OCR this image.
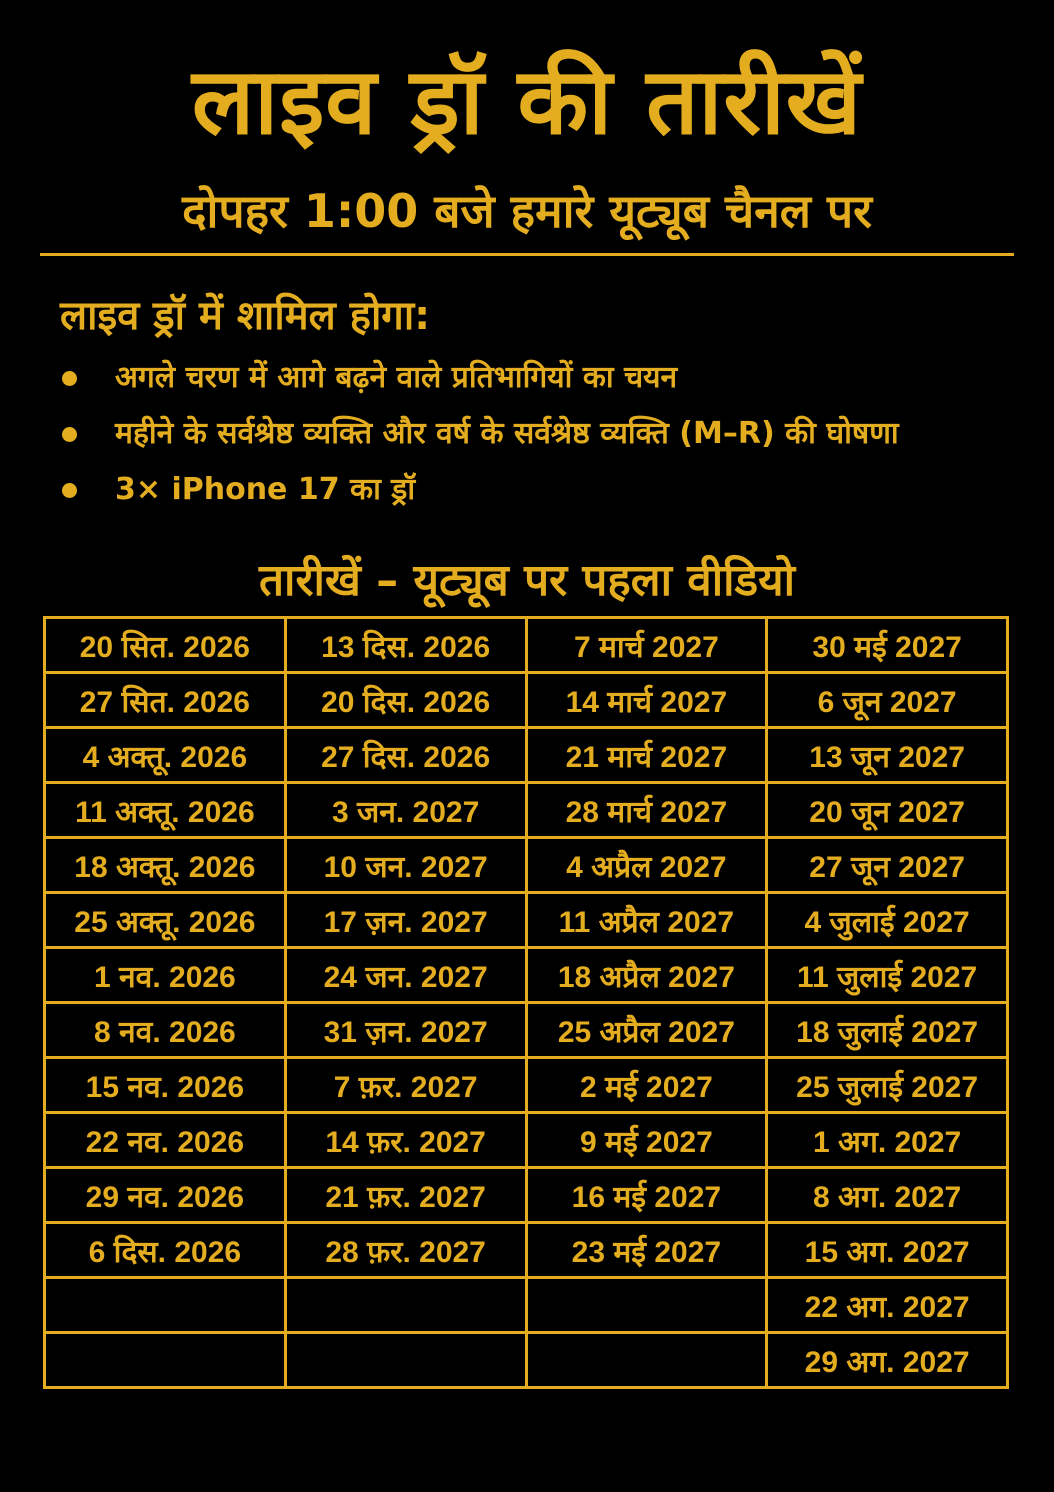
लाइव ड्रॉ की तारीखें
दोपहर 1:00 बजे हमारे यूट्यूब चैनल पर
लाइव ड्रॉ में शामिल होगा:
अगले चरण में आगे बढ़ने वाले प्रतिभागियों का चयन
महीने के सर्वश्रेष्ठ व्यक्ति और वर्ष के सर्वश्रेष्ठ व्यक्ति (M–R) की घोषणा
3× iPhone 17 का ड्रॉ
तारीखें – यूट्यूब पर पहला वीडियो
20 सित. 2026	13 दिस. 2026	7 मार्च 2027	30 मई 2027
27 सित. 2026	20 दिस. 2026	14 मार्च 2027	6 जून 2027
4 अक्तू. 2026	27 दिस. 2026	21 मार्च 2027	13 जून 2027
11 अक्तू. 2026	3 जन. 2027	28 मार्च 2027	20 जून 2027
18 अक्तू. 2026	10 जन. 2027	4 अप्रैल 2027	27 जून 2027
25 अक्तू. 2026	17 ज़न. 2027	11 अप्रैल 2027	4 जुलाई 2027
1 नव. 2026	24 जन. 2027	18 अप्रैल 2027	11 जुलाई 2027
8 नव. 2026	31 ज़न. 2027	25 अप्रैल 2027	18 जुलाई 2027
15 नव. 2026	7 फ़र. 2027	2 मई 2027	25 जुलाई 2027
22 नव. 2026	14 फ़र. 2027	9 मई 2027	1 अग. 2027
29 नव. 2026	21 फ़र. 2027	16 मई 2027	8 अग. 2027
6 दिस. 2026	28 फ़र. 2027	23 मई 2027	15 अग. 2027
			22 अग. 2027
			29 अग. 2027
